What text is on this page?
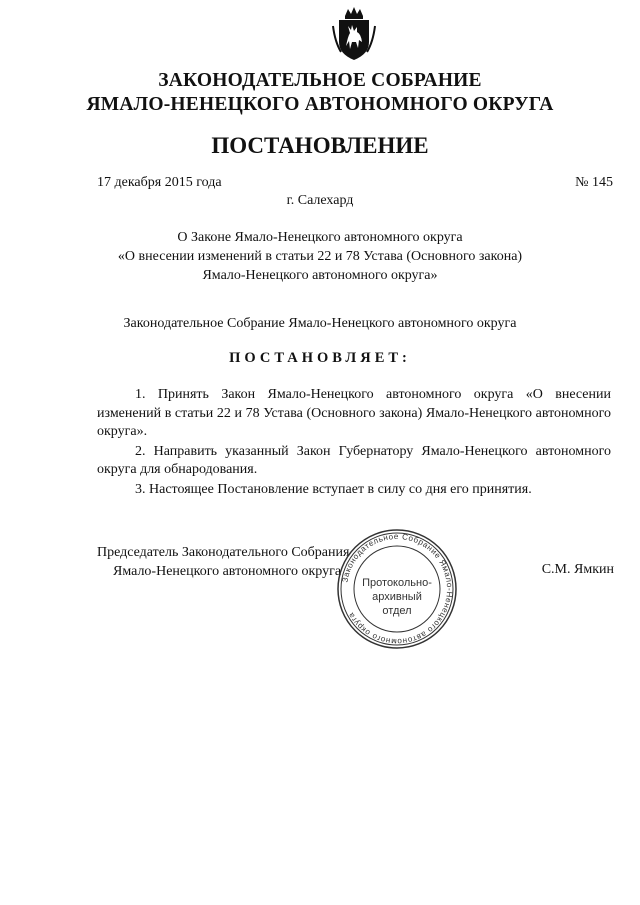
ЗАКОНОДАТЕЛЬНОЕ СОБРАНИЕ
ЯМАЛО-НЕНЕЦКОГО АВТОНОМНОГО ОКРУГА
ПОСТАНОВЛЕНИЕ
17 декабря 2015 года	№ 145
г. Салехард
О Законе Ямало-Ненецкого автономного округа
«О внесении изменений в статьи 22 и 78 Устава (Основного закона)
Ямало-Ненецкого автономного округа»
Законодательное Собрание Ямало-Ненецкого автономного округа
ПОСТАНОВЛЯЕТ:

1. Принять Закон Ямало-Ненецкого автономного округа «О внесении изменений в статьи 22 и 78 Устава (Основного закона) Ямало-Ненецкого автономного округа».

2. Направить указанный Закон Губернатору Ямало-Ненецкого автономного округа для обнародования.

3. Настоящее Постановление вступает в силу со дня его принятия.

Председатель Законодательного Собрания
Ямало-Ненецкого автономного округа	С.М. Ямкин
Законодательное Собрание Ямало-Ненецкого автономного округа
Протокольно-
архивный
отдел
